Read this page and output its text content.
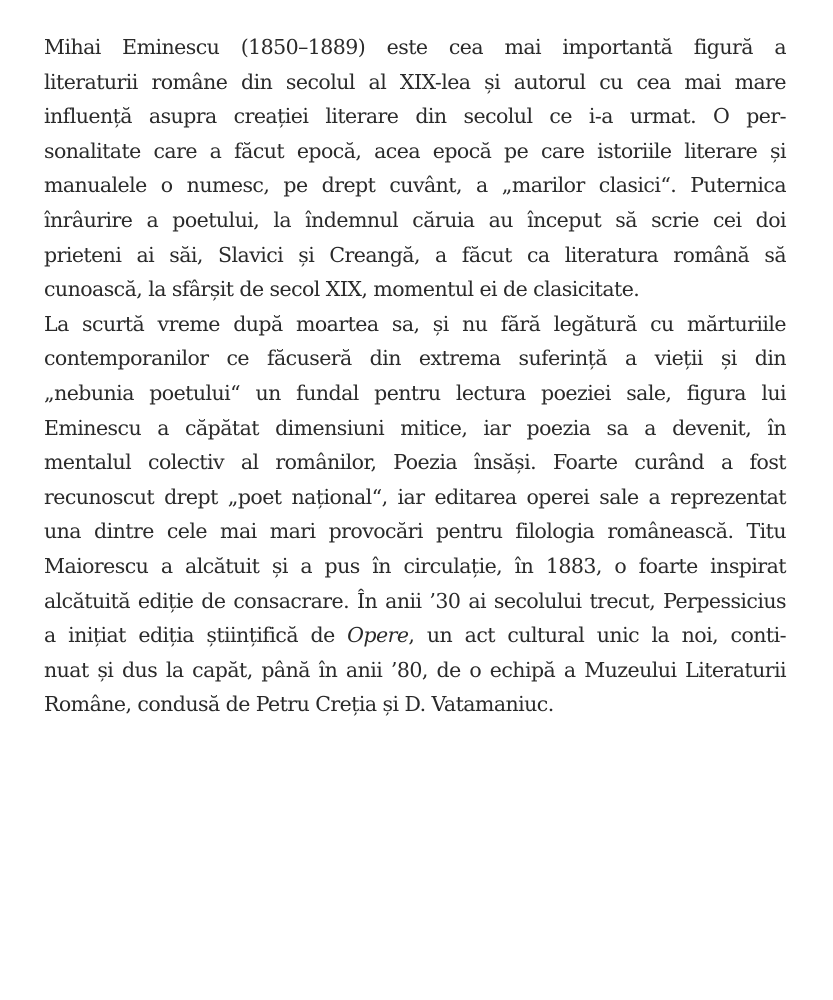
Mihai Eminescu (1850–1889) este cea mai importantă figură a
literaturii române din secolul al XIX-lea și autorul cu cea mai mare
influență asupra creației literare din secolul ce i-a urmat. O per-
sonalitate care a făcut epocă, acea epocă pe care istoriile literare și
manualele o numesc, pe drept cuvânt, a „marilor clasici“. Puternica
înrâurire a poetului, la îndemnul căruia au început să scrie cei doi
prieteni ai săi, Slavici și Creangă, a făcut ca literatura română să
cunoască, la sfârșit de secol XIX, momentul ei de clasicitate.
La scurtă vreme după moartea sa, și nu fără legătură cu mărturiile
contemporanilor ce făcuseră din extrema suferință a vieții și din
„nebunia poetului“ un fundal pentru lectura poeziei sale, figura lui
Eminescu a căpătat dimensiuni mitice, iar poezia sa a devenit, în
mentalul colectiv al românilor, Poezia însăși. Foarte curând a fost
recunoscut drept „poet național“, iar editarea operei sale a reprezentat
una dintre cele mai mari provocări pentru filologia românească. Titu
Maiorescu a alcătuit și a pus în circulație, în 1883, o foarte inspirat
alcătuită ediție de consacrare. În anii ’30 ai secolului trecut, Perpessicius
a inițiat ediția științifică de Opere, un act cultural unic la noi, conti-
nuat și dus la capăt, până în anii ’80, de o echipă a Muzeului Literaturii
Române, condusă de Petru Creția și D. Vatamaniuc.
